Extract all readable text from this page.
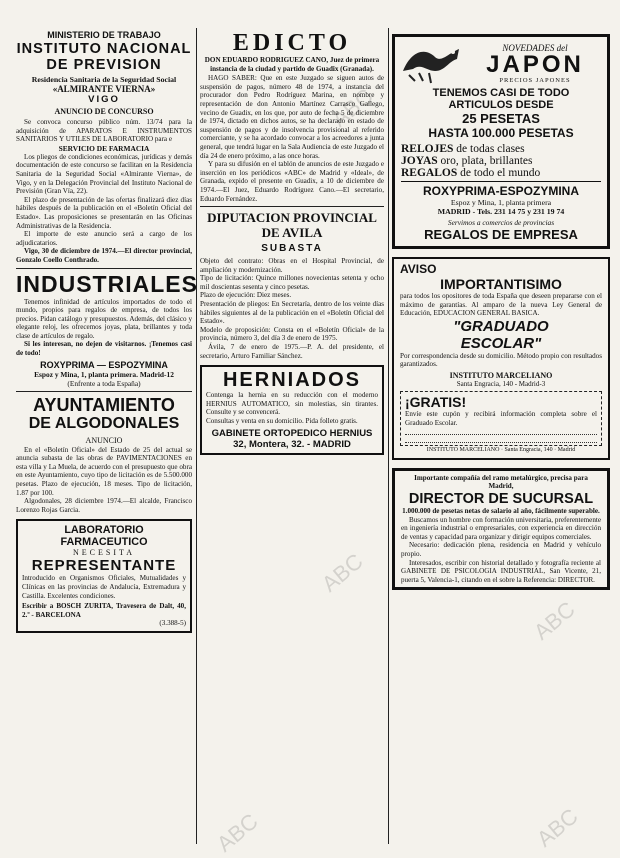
MINISTERIO DE TRABAJO

INSTITUTO NACIONAL

DE PREVISION

Residencia Sanitaria de la Seguridad Social

«ALMIRANTE VIERNA»

VIGO

ANUNCIO DE CONCURSO

Se convoca concurso público núm. 13/74 para la adquisición de APARATOS E INSTRUMENTOS SANITARIOS Y UTILES DE LABORATORIO para e

SERVICIO DE FARMACIA

Los pliegos de condiciones económicas, jurídicas y demás documentación de este concurso se facilitan en la Residencia Sanitaria de la Seguridad Social «Almirante Vierna», de Vigo, y en la Delegación Provincial del Instituto Nacional de Previsión (Gran Vía, 22).

El plazo de presentación de las ofertas finalizará diez días hábiles después de la publicación en el «Boletín Oficial del Estado». Las proposiciones se presentarán en las Oficinas Administrativas de la Residencia.

El importe de este anuncio será a cargo de los adjudicatarios.

Vigo, 30 de diciembre de 1974.—El director provincial, Gonzalo Coello Conthrado.

INDUSTRIALES

Tenemos infinidad de artículos importados de todo el mundo, propios para regalos de empresa, de todos los precios. Pidan catálogo y presupuestos. Además, del clásico y elegante reloj, les ofrecemos joyas, plata, brillantes y toda clase de artículos de regalo.

Si les interesan, no dejen de visitarnos. ¡Tenemos casi de todo!

ROXYPRIMA — ESPOZYMINA

Espoz y Mina, 1, planta primera. Madrid-12

(Enfrente a toda España)

AYUNTAMIENTO

DE ALGODONALES

ANUNCIO

En el «Boletín Oficial» del Estado de 25 del actual se anuncia subasta de las obras de PAVIMENTACIONES en esta villa y La Muela, de acuerdo con el presupuesto que obra en este Ayuntamiento, cuyo tipo de licitación es de 5.500.000 pesetas. Plazo de ejecución, 18 meses. Tipo de licitación, 1.87 por 100.

Algodonales, 28 diciembre 1974.—El alcalde, Francisco Lorenzo Rojas Garcia.

LABORATORIO FARMACEUTICO

NECESITA

REPRESENTANTE

Introducido en Organismos Oficiales, Mutualidades y Clínicas en las provincias de Andalucía, Extremadura y Castilla. Excelentes condiciones.

Escribir a BOSCH ZURITA, Travesera de Dalt, 40, 2.º - BARCELONA

(3.388-5)

EDICTO

DON EDUARDO RODRIGUEZ CANO, Juez de primera instancia de la ciudad y partido de Guadix (Granada).

HAGO SABER: Que en este Juzgado se siguen autos de suspensión de pagos, número 48 de 1974, a instancia del procurador don Pedro Rodríguez Marina, en nombre y representación de don Antonio Martínez Carrasco Gallego, vecino de Guadix, en los que, por auto de fecha 5 de diciembre de 1974, dictado en dichos autos, se ha declarado en estado de suspensión de pagos y de insolvencia provisional al referido comerciante, y se ha acordado convocar a los acreedores a junta general, que tendrá lugar en la Sala Audiencia de este Juzgado el día 24 de enero próximo, a las once horas.

Y para su difusión en el tablón de anuncios de este Juzgado e inserción en los periódicos «ABC» de Madrid y «Ideal», de Granada, expido el presente en Guadix, a 10 de diciembre de 1974.—El Juez, Eduardo Rodríguez Cano.—El secretario, Eduardo Fernández.

DIPUTACION PROVINCIAL

DE AVILA

SUBASTA

Objeto del contrato: Obras en el Hospital Provincial, de ampliación y modernización.

Tipo de licitación: Quince millones novecientas setenta y ocho mil doscientas sesenta y cinco pesetas.

Plazo de ejecución: Diez meses.

Presentación de pliegos: En Secretaría, dentro de los veinte días hábiles siguientes al de la publicación en el «Boletín Oficial del Estado».

Modelo de proposición: Consta en el «Boletín Oficial» de la provincia, número 3, del día 3 de enero de 1975.

Ávila, 7 de enero de 1975.—P. A. del presidente, el secretario, Arturo Familiar Sánchez.

HERNIADOS

Contenga la hernia en su reducción con el moderno HERNIUS AUTOMATICO, sin molestias, sin tirantes. Consulte y se convencerá.

Consultas y venta en su domicilio. Pida folleto gratis.

GABINETE ORTOPEDICO HERNIUS

32, Montera, 32. - MADRID

NOVEDADES del

JAPON

PRECIOS JAPONES

TENEMOS CASI DE TODO

ARTICULOS DESDE

25 PESETAS

HASTA 100.000 PESETAS

RELOJES de todas clases

JOYAS oro, plata, brillantes

REGALOS de todo el mundo

ROXYPRIMA-ESPOZYMINA

Espoz y Mina, 1, planta primera

MADRID - Tels. 231 14 75 y 231 19 74

Servimos a comercios de provincias

REGALOS DE EMPRESA

AVISO

IMPORTANTISIMO

para todos los opositores de toda España que deseen prepararse con el máximo de garantías. Al amparo de la nueva Ley General de Educación, EDUCACION GENERAL BASICA.

"GRADUADO

ESCOLAR"

Por correspondencia desde su domicilio. Método propio con resultados garantizados.

INSTITUTO MARCELIANO

Santa Engracia, 140 - Madrid-3

¡GRATIS!

Envíe este cupón y recibirá información completa sobre el Graduado Escolar.

INSTITUTO MARCELIANO · Santa Engracia, 140 · Madrid

Importante compañía del ramo metalúrgico, precisa para Madrid,

DIRECTOR DE SUCURSAL

1.000.000 de pesetas netas de salario al año, fácilmente superable.

Buscamos un hombre con formación universitaria, preferentemente en ingeniería industrial o empresariales, con experiencia en dirección de ventas y capacidad para organizar y dirigir equipos comerciales.

Necesario: dedicación plena, residencia en Madrid y vehículo propio.

Interesados, escribir con historial detallado y fotografía reciente al GABINETE DE PSICOLOGIA INDUSTRIAL, San Vicente, 21, puerta 5, Valencia-1, citando en el sobre la Referencia: DIRECTOR.

ABC
ABC
ABC
ABC
ABC
